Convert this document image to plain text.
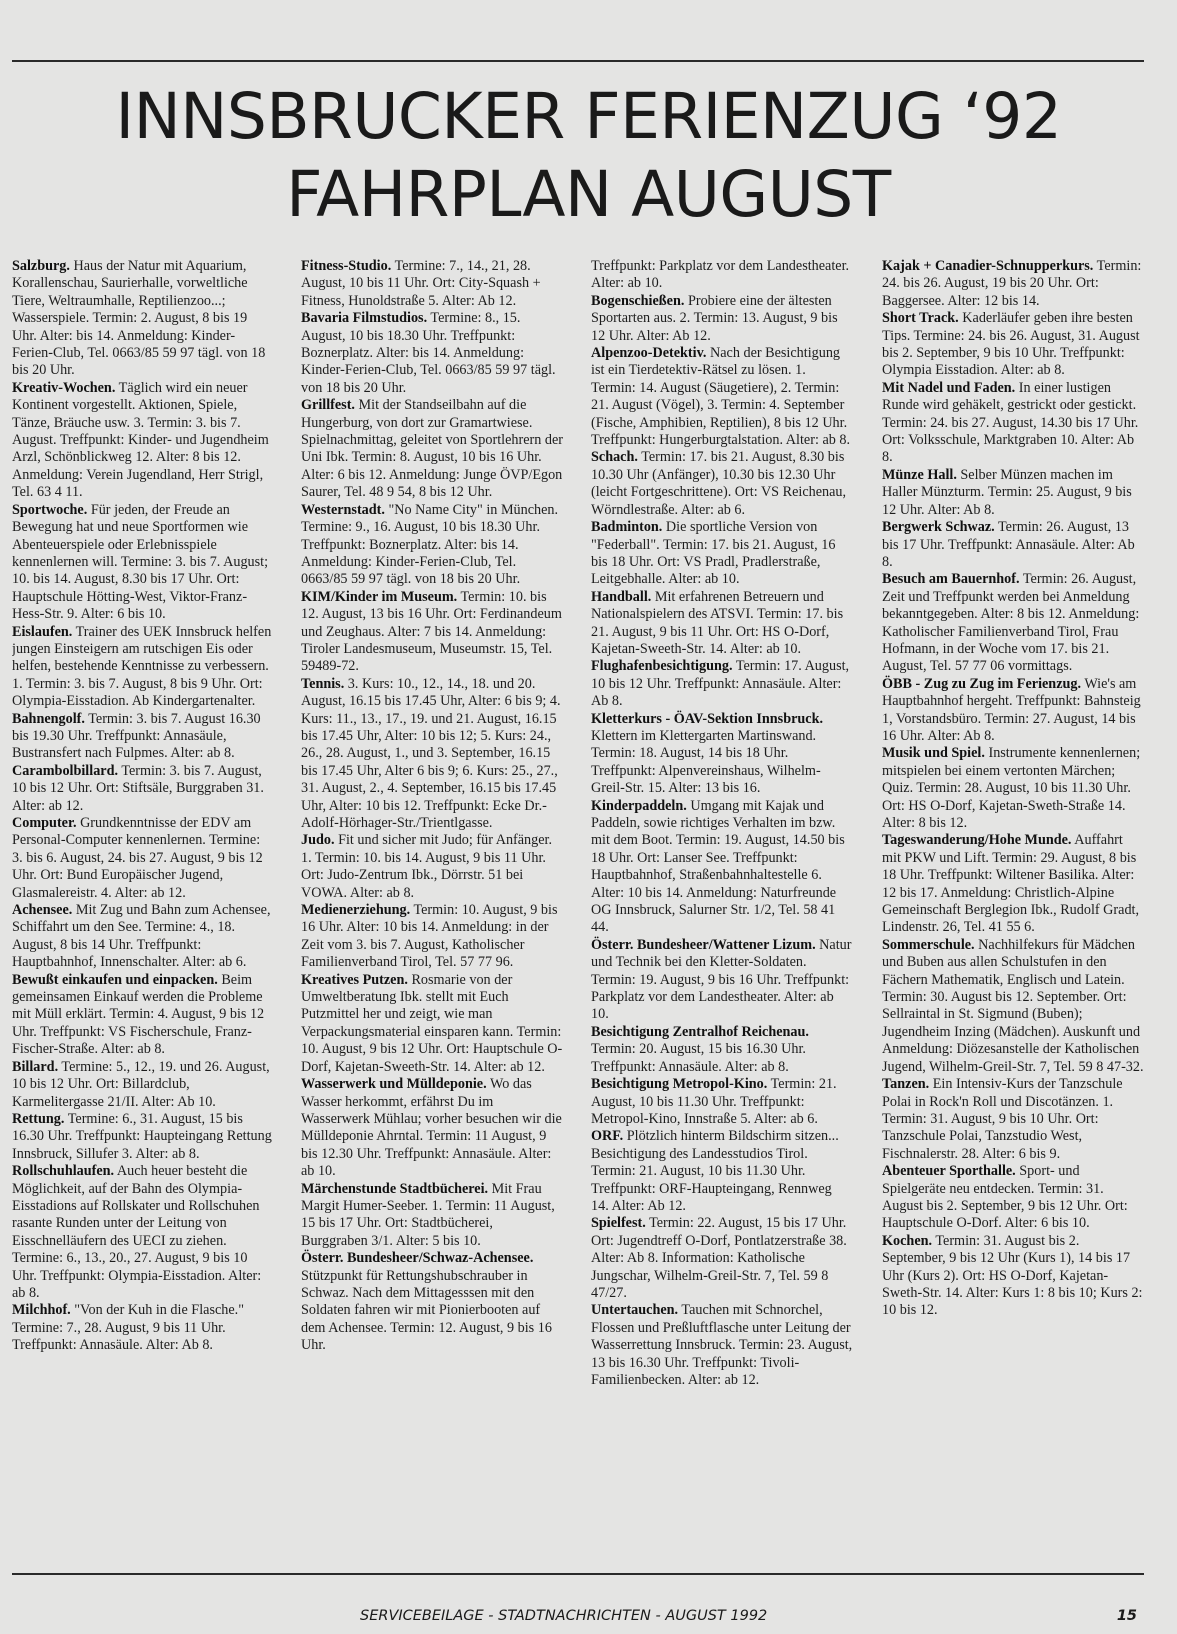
INNSBRUCKER FERIENZUG ‘92
FAHRPLAN AUGUST

Salzburg. Haus der Natur mit Aquarium, Korallenschau, Saurierhalle, vorweltliche Tiere, Weltraumhalle, Reptilienzoo...; Wasserspiele. Termin: 2. August, 8 bis 19 Uhr. Alter: bis 14. Anmeldung: Kinder-Ferien-Club, Tel. 0663/85 59 97 tägl. von 18 bis 20 Uhr.

Kreativ-Wochen. Täglich wird ein neuer Kontinent vorgestellt. Aktionen, Spiele, Tänze, Bräuche usw. 3. Termin: 3. bis 7. August. Treffpunkt: Kinder- und Jugendheim Arzl, Schönblickweg 12. Alter: 8 bis 12. Anmeldung: Verein Jugendland, Herr Strigl, Tel. 63 4 11.

Sportwoche. Für jeden, der Freude an Bewegung hat und neue Sportformen wie Abenteuerspiele oder Erlebnisspiele kennenlernen will. Termine: 3. bis 7. August; 10. bis 14. August, 8.30 bis 17 Uhr. Ort: Hauptschule Hötting-West, Viktor-Franz-Hess-Str. 9. Alter: 6 bis 10.

Eislaufen. Trainer des UEK Innsbruck helfen jungen Einsteigern am rutschigen Eis oder helfen, bestehende Kenntnisse zu verbessern. 1. Termin: 3. bis 7. August, 8 bis 9 Uhr. Ort: Olympia-Eisstadion. Ab Kindergartenalter.

Bahnengolf. Termin: 3. bis 7. August 16.30 bis 19.30 Uhr. Treffpunkt: Annasäule, Bustransfert nach Fulpmes. Alter: ab 8.

Carambolbillard. Termin: 3. bis 7. August, 10 bis 12 Uhr. Ort: Stiftsäle, Burggraben 31. Alter: ab 12.

Computer. Grundkenntnisse der EDV am Personal-Computer kennenlernen. Termine: 3. bis 6. August, 24. bis 27. August, 9 bis 12 Uhr. Ort: Bund Europäischer Jugend, Glasmalereistr. 4. Alter: ab 12.

Achensee. Mit Zug und Bahn zum Achensee, Schiffahrt um den See. Termine: 4., 18. August, 8 bis 14 Uhr. Treffpunkt: Hauptbahnhof, Innenschalter. Alter: ab 6.

Bewußt einkaufen und einpacken. Beim gemeinsamen Einkauf werden die Probleme mit Müll erklärt. Termin: 4. August, 9 bis 12 Uhr. Treffpunkt: VS Fischerschule, Franz-Fischer-Straße. Alter: ab 8.

Billard. Termine: 5., 12., 19. und 26. August, 10 bis 12 Uhr. Ort: Billardclub, Karmelitergasse 21/II. Alter: Ab 10.

Rettung. Termine: 6., 31. August, 15 bis 16.30 Uhr. Treffpunkt: Haupteingang Rettung Innsbruck, Sillufer 3. Alter: ab 8.

Rollschuhlaufen. Auch heuer besteht die Möglichkeit, auf der Bahn des Olympia-Eisstadions auf Rollskater und Rollschuhen rasante Runden unter der Leitung von Eisschnelläufern des UECI zu ziehen. Termine: 6., 13., 20., 27. August, 9 bis 10 Uhr. Treffpunkt: Olympia-Eisstadion. Alter: ab 8.

Milchhof. "Von der Kuh in die Flasche." Termine: 7., 28. August, 9 bis 11 Uhr. Treffpunkt: Annasäule. Alter: Ab 8.

Fitness-Studio. Termine: 7., 14., 21, 28. August, 10 bis 11 Uhr. Ort: City-Squash + Fitness, Hunoldstraße 5. Alter: Ab 12.

Bavaria Filmstudios. Termine: 8., 15. August, 10 bis 18.30 Uhr. Treffpunkt: Boznerplatz. Alter: bis 14. Anmeldung: Kinder-Ferien-Club, Tel. 0663/85 59 97 tägl. von 18 bis 20 Uhr.

Grillfest. Mit der Standseilbahn auf die Hungerburg, von dort zur Gramartwiese. Spielnachmittag, geleitet von Sportlehrern der Uni Ibk. Termin: 8. August, 10 bis 16 Uhr. Alter: 6 bis 12. Anmeldung: Junge ÖVP/Egon Saurer, Tel. 48 9 54, 8 bis 12 Uhr.

Westernstadt. "No Name City" in München. Termine: 9., 16. August, 10 bis 18.30 Uhr. Treffpunkt: Boznerplatz. Alter: bis 14. Anmeldung: Kinder-Ferien-Club, Tel. 0663/85 59 97 tägl. von 18 bis 20 Uhr.

KIM/Kinder im Museum. Termin: 10. bis 12. August, 13 bis 16 Uhr. Ort: Ferdinandeum und Zeughaus. Alter: 7 bis 14. Anmeldung: Tiroler Landesmuseum, Museumstr. 15, Tel. 59489-72.

Tennis. 3. Kurs: 10., 12., 14., 18. und 20. August, 16.15 bis 17.45 Uhr, Alter: 6 bis 9; 4. Kurs: 11., 13., 17., 19. und 21. August, 16.15 bis 17.45 Uhr, Alter: 10 bis 12; 5. Kurs: 24., 26., 28. August, 1., und 3. September, 16.15 bis 17.45 Uhr, Alter 6 bis 9; 6. Kurs: 25., 27., 31. August, 2., 4. September, 16.15 bis 17.45 Uhr, Alter: 10 bis 12. Treffpunkt: Ecke Dr.-Adolf-Hörhager-Str./Trientlgasse.

Judo. Fit und sicher mit Judo; für Anfänger. 1. Termin: 10. bis 14. August, 9 bis 11 Uhr. Ort: Judo-Zentrum Ibk., Dörrstr. 51 bei VOWA. Alter: ab 8.

Medienerziehung. Termin: 10. August, 9 bis 16 Uhr. Alter: 10 bis 14. Anmeldung: in der Zeit vom 3. bis 7. August, Katholischer Familienverband Tirol, Tel. 57 77 96.

Kreatives Putzen. Rosmarie von der Umweltberatung Ibk. stellt mit Euch Putzmittel her und zeigt, wie man Verpackungsmaterial einsparen kann. Termin: 10. August, 9 bis 12 Uhr. Ort: Hauptschule O-Dorf, Kajetan-Sweeth-Str. 14. Alter: ab 12.

Wasserwerk und Mülldeponie. Wo das Wasser herkommt, erfährst Du im Wasserwerk Mühlau; vorher besuchen wir die Mülldeponie Ahrntal. Termin: 11 August, 9 bis 12.30 Uhr. Treffpunkt: Annasäule. Alter: ab 10.

Märchenstunde Stadtbücherei. Mit Frau Margit Humer-Seeber. 1. Termin: 11 August, 15 bis 17 Uhr. Ort: Stadtbücherei, Burggraben 3/1. Alter: 5 bis 10.

Österr. Bundesheer/Schwaz-Achensee. Stützpunkt für Rettungshubschrauber in Schwaz. Nach dem Mittagesssen mit den Soldaten fahren wir mit Pionierbooten auf dem Achensee. Termin: 12. August, 9 bis 16 Uhr.

Treffpunkt: Parkplatz vor dem Landestheater. Alter: ab 10.

Bogenschießen. Probiere eine der ältesten Sportarten aus. 2. Termin: 13. August, 9 bis 12 Uhr. Alter: Ab 12.

Alpenzoo-Detektiv. Nach der Besichtigung ist ein Tierdetektiv-Rätsel zu lösen. 1. Termin: 14. August (Säugetiere), 2. Termin: 21. August (Vögel), 3. Termin: 4. September (Fische, Amphibien, Reptilien), 8 bis 12 Uhr. Treffpunkt: Hungerburgtalstation. Alter: ab 8.

Schach. Termin: 17. bis 21. August, 8.30 bis 10.30 Uhr (Anfänger), 10.30 bis 12.30 Uhr (leicht Fortgeschrittene). Ort: VS Reichenau, Wörndlestraße. Alter: ab 6.

Badminton. Die sportliche Version von "Federball". Termin: 17. bis 21. August, 16 bis 18 Uhr. Ort: VS Pradl, Pradlerstraße, Leitgebhalle. Alter: ab 10.

Handball. Mit erfahrenen Betreuern und Nationalspielern des ATSVI. Termin: 17. bis 21. August, 9 bis 11 Uhr. Ort: HS O-Dorf, Kajetan-Sweeth-Str. 14. Alter: ab 10.

Flughafenbesichtigung. Termin: 17. August, 10 bis 12 Uhr. Treffpunkt: Annasäule. Alter: Ab 8.

Kletterkurs - ÖAV-Sektion Innsbruck. Klettern im Klettergarten Martinswand. Termin: 18. August, 14 bis 18 Uhr. Treffpunkt: Alpenvereinshaus, Wilhelm-Greil-Str. 15. Alter: 13 bis 16.

Kinderpaddeln. Umgang mit Kajak und Paddeln, sowie richtiges Verhalten im bzw. mit dem Boot. Termin: 19. August, 14.50 bis 18 Uhr. Ort: Lanser See. Treffpunkt: Hauptbahnhof, Straßenbahnhaltestelle 6. Alter: 10 bis 14. Anmeldung: Naturfreunde OG Innsbruck, Salurner Str. 1/2, Tel. 58 41 44.

Österr. Bundesheer/Wattener Lizum. Natur und Technik bei den Kletter-Soldaten. Termin: 19. August, 9 bis 16 Uhr. Treffpunkt: Parkplatz vor dem Landestheater. Alter: ab 10.

Besichtigung Zentralhof Reichenau. Termin: 20. August, 15 bis 16.30 Uhr. Treffpunkt: Annasäule. Alter: ab 8.

Besichtigung Metropol-Kino. Termin: 21. August, 10 bis 11.30 Uhr. Treffpunkt: Metropol-Kino, Innstraße 5. Alter: ab 6.

ORF. Plötzlich hinterm Bildschirm sitzen... Besichtigung des Landesstudios Tirol. Termin: 21. August, 10 bis 11.30 Uhr. Treffpunkt: ORF-Haupteingang, Rennweg 14. Alter: Ab 12.

Spielfest. Termin: 22. August, 15 bis 17 Uhr. Ort: Jugendtreff O-Dorf, Pontlatzerstraße 38. Alter: Ab 8. Information: Katholische Jungschar, Wilhelm-Greil-Str. 7, Tel. 59 8 47/27.

Untertauchen. Tauchen mit Schnorchel, Flossen und Preßluftflasche unter Leitung der Wasserrettung Innsbruck. Termin: 23. August, 13 bis 16.30 Uhr. Treffpunkt: Tivoli-Familienbecken. Alter: ab 12.

Kajak + Canadier-Schnupperkurs. Termin: 24. bis 26. August, 19 bis 20 Uhr. Ort: Baggersee. Alter: 12 bis 14.

Short Track. Kaderläufer geben ihre besten Tips. Termine: 24. bis 26. August, 31. August bis 2. September, 9 bis 10 Uhr. Treffpunkt: Olympia Eisstadion. Alter: ab 8.

Mit Nadel und Faden. In einer lustigen Runde wird gehäkelt, gestrickt oder gestickt. Termin: 24. bis 27. August, 14.30 bis 17 Uhr. Ort: Volksschule, Marktgraben 10. Alter: Ab 8.

Münze Hall. Selber Münzen machen im Haller Münzturm. Termin: 25. August, 9 bis 12 Uhr. Alter: Ab 8.

Bergwerk Schwaz. Termin: 26. August, 13 bis 17 Uhr. Treffpunkt: Annasäule. Alter: Ab 8.

Besuch am Bauernhof. Termin: 26. August, Zeit und Treffpunkt werden bei Anmeldung bekanntgegeben. Alter: 8 bis 12. Anmeldung: Katholischer Familienverband Tirol, Frau Hofmann, in der Woche vom 17. bis 21. August, Tel. 57 77 06 vormittags.

ÖBB - Zug zu Zug im Ferienzug. Wie's am Hauptbahnhof hergeht. Treffpunkt: Bahnsteig 1, Vorstandsbüro. Termin: 27. August, 14 bis 16 Uhr. Alter: Ab 8.

Musik und Spiel. Instrumente kennenlernen; mitspielen bei einem vertonten Märchen; Quiz. Termin: 28. August, 10 bis 11.30 Uhr. Ort: HS O-Dorf, Kajetan-Sweth-Straße 14. Alter: 8 bis 12.

Tageswanderung/Hohe Munde. Auffahrt mit PKW und Lift. Termin: 29. August, 8 bis 18 Uhr. Treffpunkt: Wiltener Basilika. Alter: 12 bis 17. Anmeldung: Christlich-Alpine Gemeinschaft Berglegion Ibk., Rudolf Gradt, Lindenstr. 26, Tel. 41 55 6.

Sommerschule. Nachhilfekurs für Mädchen und Buben aus allen Schulstufen in den Fächern Mathematik, Englisch und Latein. Termin: 30. August bis 12. September. Ort: Sellraintal in St. Sigmund (Buben); Jugendheim Inzing (Mädchen). Auskunft und Anmeldung: Diözesanstelle der Katholischen Jugend, Wilhelm-Greil-Str. 7, Tel. 59 8 47-32.

Tanzen. Ein Intensiv-Kurs der Tanzschule Polai in Rock'n Roll und Discotänzen. 1. Termin: 31. August, 9 bis 10 Uhr. Ort: Tanzschule Polai, Tanzstudio West, Fischnalerstr. 28. Alter: 6 bis 9.

Abenteuer Sporthalle. Sport- und Spielgeräte neu entdecken. Termin: 31. August bis 2. September, 9 bis 12 Uhr. Ort: Hauptschule O-Dorf. Alter: 6 bis 10.

Kochen. Termin: 31. August bis 2. September, 9 bis 12 Uhr (Kurs 1), 14 bis 17 Uhr (Kurs 2). Ort: HS O-Dorf, Kajetan-Sweth-Str. 14. Alter: Kurs 1: 8 bis 10; Kurs 2: 10 bis 12.

SERVICEBEILAGE - STADTNACHRICHTEN - AUGUST 1992	15
